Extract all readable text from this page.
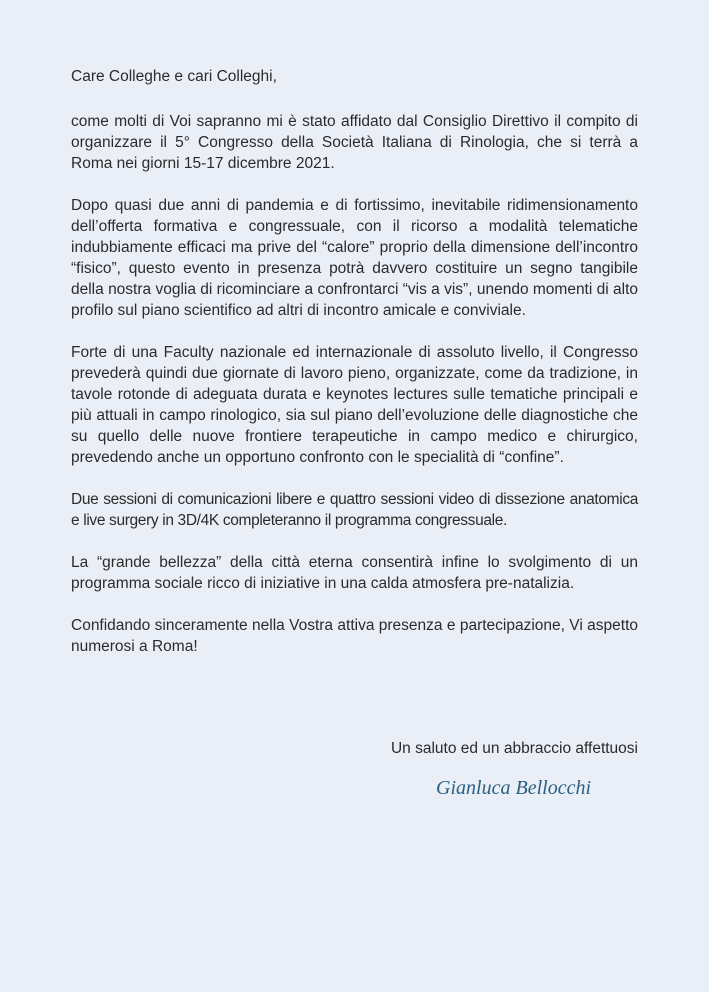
Care Colleghe e cari Colleghi,

come molti di Voi sapranno mi è stato affidato dal Consiglio Direttivo il compito di organizzare il 5° Congresso della Società Italiana di Rinologia, che si terrà a Roma nei giorni 15-17 dicembre 2021.

Dopo quasi due anni di pandemia e di fortissimo, inevitabile ridimensionamento dell’offerta formativa e congressuale, con il ricorso a modalità telematiche indubbiamente efficaci ma prive del “calore” proprio della dimensione dell’incontro “fisico”, questo evento in presenza potrà davvero costituire un segno tangibile della nostra voglia di ricominciare a confrontarci “vis a vis”, unendo momenti di alto profilo sul piano scientifico ad altri di incontro amicale e conviviale.

Forte di una Faculty nazionale ed internazionale di assoluto livello, il Congresso prevederà quindi due giornate di lavoro pieno, organizzate, come da tradizione, in tavole rotonde di adeguata durata e keynotes lectures sulle tematiche principali e più attuali in campo rinologico, sia sul piano dell’evoluzione delle diagnostiche che su quello delle nuove frontiere terapeutiche in campo medico e chirurgico, prevedendo anche un opportuno confronto con le specialità di “confine”.

Due sessioni di comunicazioni libere e quattro sessioni video di dissezione anatomica e live surgery in 3D/4K completeranno il programma congressuale.

La “grande bellezza” della città eterna consentirà infine lo svolgimento di un programma sociale ricco di iniziative in una calda atmosfera pre-natalizia.

Confidando sinceramente nella Vostra attiva presenza e partecipazione, Vi aspetto numerosi a Roma!

Un saluto ed un abbraccio affettuosi
Gianluca Bellocchi
